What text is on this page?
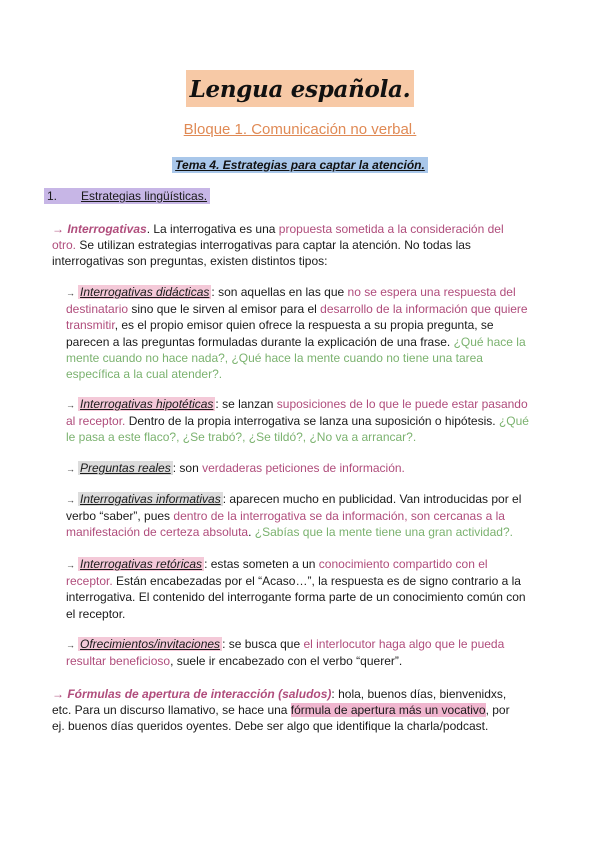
Lengua española.
Bloque 1. Comunicación no verbal.
Tema 4. Estrategias para captar la atención.
1. Estrategias lingüísticas.
→ Interrogativas. La interrogativa es una propuesta sometida a la consideración del otro. Se utilizan estrategias interrogativas para captar la atención. No todas las interrogativas son preguntas, existen distintos tipos:
→ Interrogativas didácticas : son aquellas en las que no se espera una respuesta del destinatario sino que le sirven al emisor para el desarrollo de la información que quiere transmitir, es el propio emisor quien ofrece la respuesta a su propia pregunta, se parecen a las preguntas formuladas durante la explicación de una frase. ¿Qué hace la mente cuando no hace nada?, ¿Qué hace la mente cuando no tiene una tarea específica a la cual atender?.
→ Interrogativas hipotéticas : se lanzan suposiciones de lo que le puede estar pasando al receptor. Dentro de la propia interrogativa se lanza una suposición o hipótesis. ¿Qué le pasa a este flaco?, ¿Se trabó?, ¿Se tildó?, ¿No va a arrancar?.
→ Preguntas reales : son verdaderas peticiones de información.
→ Interrogativas informativas : aparecen mucho en publicidad. Van introducidas por el verbo “saber”, pues dentro de la interrogativa se da información, son cercanas a la manifestación de certeza absoluta. ¿Sabías que la mente tiene una gran actividad?.
→ Interrogativas retóricas : estas someten a un conocimiento compartido con el receptor. Están encabezadas por el “Acaso…”, la respuesta es de signo contrario a la interrogativa. El contenido del interrogante forma parte de un conocimiento común con el receptor.
→ Ofrecimientos/invitaciones : se busca que el interlocutor haga algo que le pueda resultar beneficioso, suele ir encabezado con el verbo “querer”.
→ Fórmulas de apertura de interacción (saludos): hola, buenos días, bienvenidxs, etc. Para un discurso llamativo, se hace una fórmula de apertura más un vocativo, por ej. buenos días queridos oyentes. Debe ser algo que identifique la charla/podcast.
